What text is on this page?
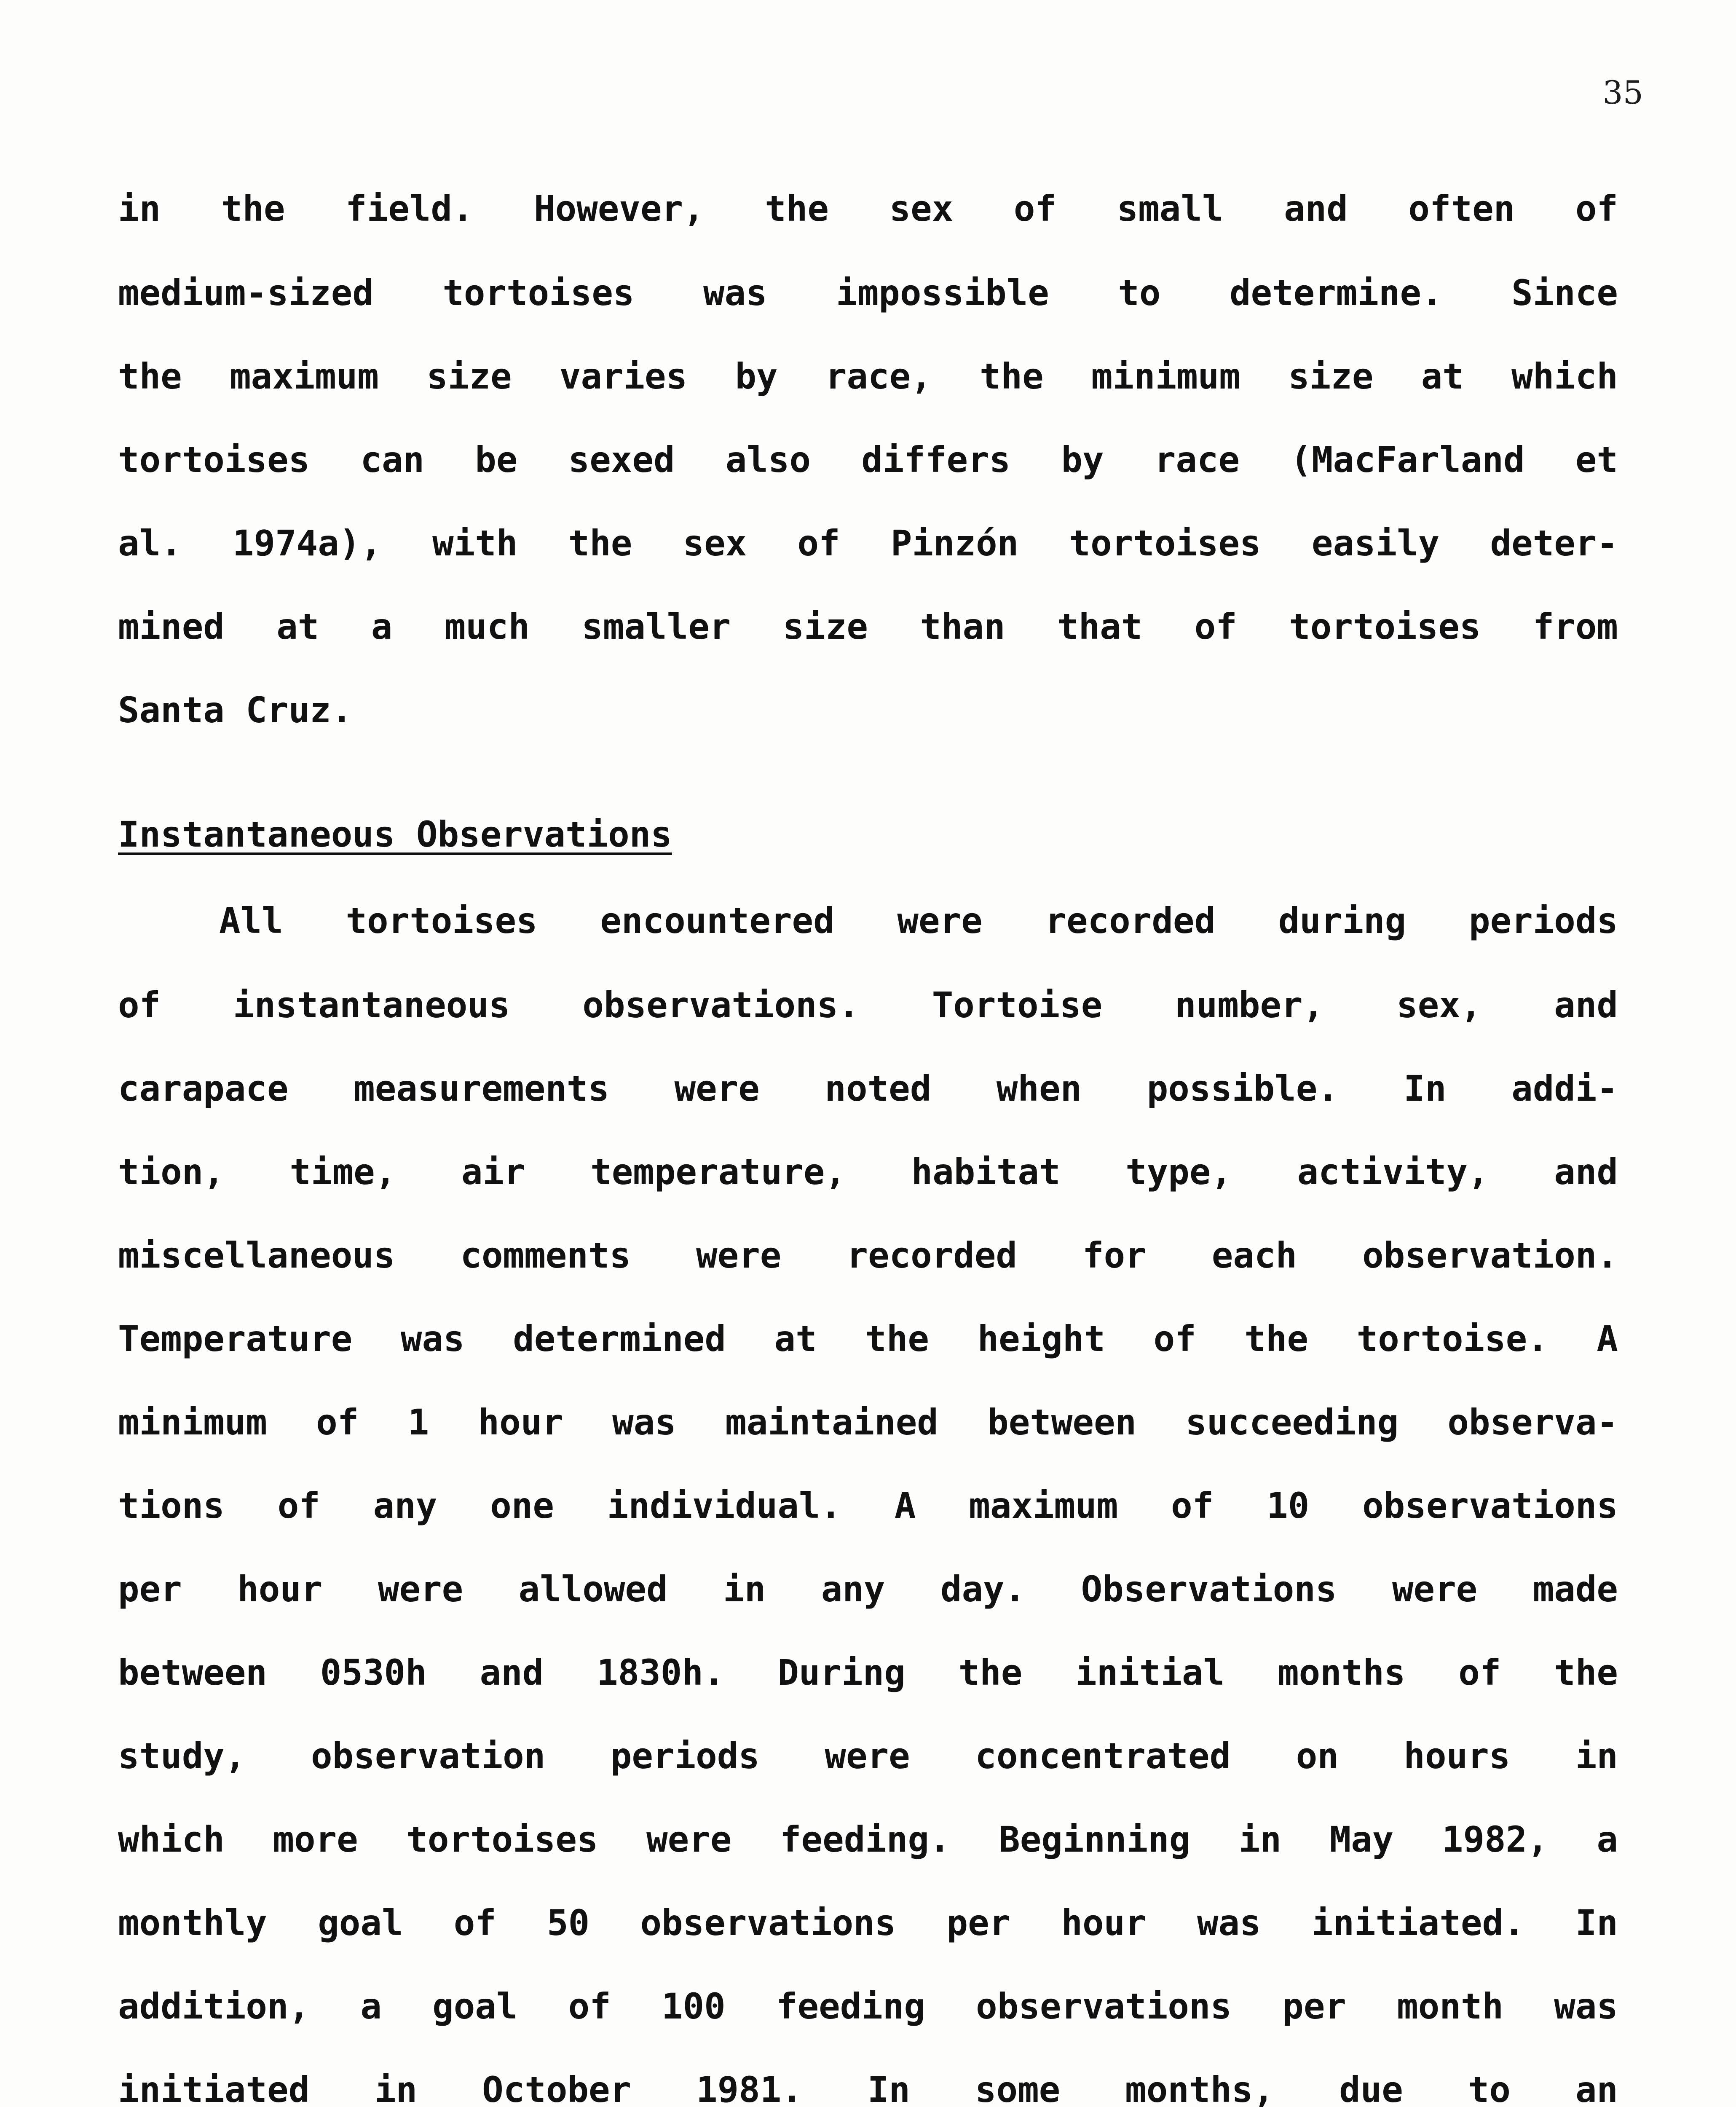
35
in the field. However, the sex of small and often of
medium-sized tortoises was impossible to determine. Since
the maximum size varies by race, the minimum size at which
tortoises can be sexed also differs by race (MacFarland et
al. 1974a), with the sex of Pinzón tortoises easily deter-
mined at a much smaller size than that of tortoises from
Santa Cruz.
Instantaneous Observations
All tortoises encountered were recorded during periods
of instantaneous observations. Tortoise number, sex, and
carapace measurements were noted when possible. In addi-
tion, time, air temperature, habitat type, activity, and
miscellaneous comments were recorded for each observation.
Temperature was determined at the height of the tortoise. A
minimum of 1 hour was maintained between succeeding observa-
tions of any one individual. A maximum of 10 observations
per hour were allowed in any day. Observations were made
between 0530h and 1830h. During the initial months of the
study, observation periods were concentrated on hours in
which more tortoises were feeding. Beginning in May 1982, a
monthly goal of 50 observations per hour was initiated. In
addition, a goal of 100 feeding observations per month was
initiated in October 1981. In some months, due to an
